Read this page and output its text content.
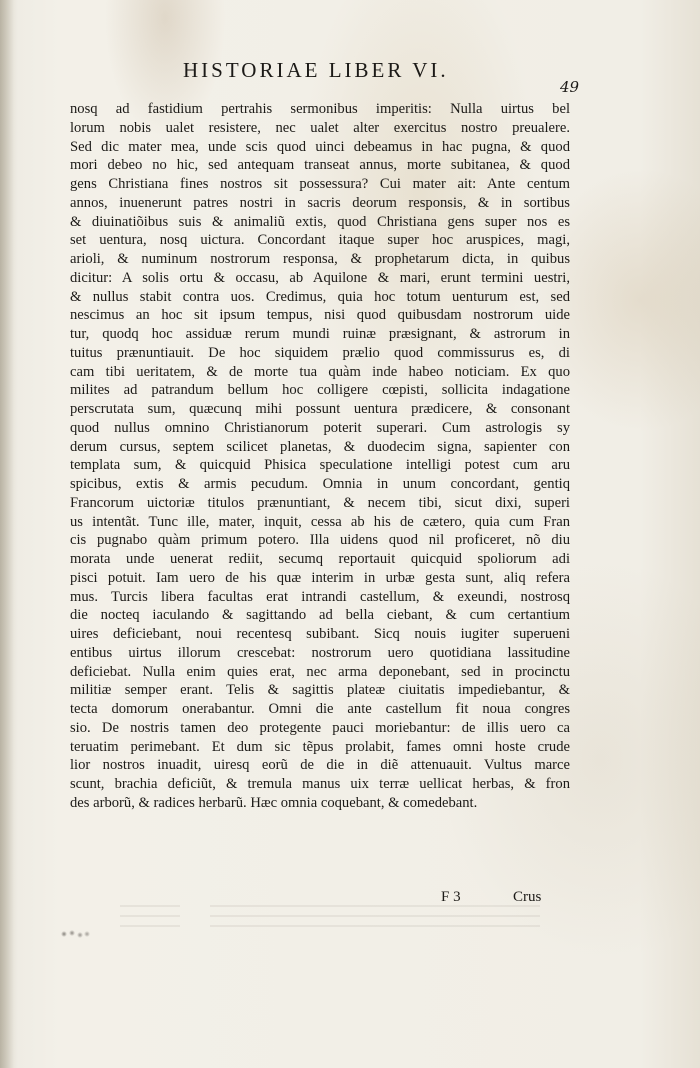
HISTORIAE LIBER VI.
49
nosq ad fastidium pertrahis sermonibus imperitis: Nulla uirtus bel
lorum nobis ualet resistere, nec ualet alter exercitus nostro preualere.
Sed dic mater mea, unde scis quod uinci debeamus in hac pugna, & quod
mori debeo no hic, sed antequam transeat annus, morte subitanea, & quod
gens Christiana fines nostros sit possessura? Cui mater ait: Ante centum
annos, inuenerunt patres nostri in sacris deorum responsis, & in sortibus
& diuinatiõibus suis & animaliũ extis, quod Christiana gens super nos es
set uentura, nosq uictura. Concordant itaque super hoc aruspices, magi,
arioli, & numinum nostrorum responsa, & prophetarum dicta, in quibus
dicitur: A solis ortu & occasu, ab Aquilone & mari, erunt termini uestri,
& nullus stabit contra uos. Credimus, quia hoc totum uenturum est, sed
nescimus an hoc sit ipsum tempus, nisi quod quibusdam nostrorum uide
tur, quodq hoc assiduæ rerum mundi ruinæ præsignant, & astrorum in
tuitus prænuntiauit. De hoc siquidem prælio quod commissurus es, di
cam tibi ueritatem, & de morte tua quàm inde habeo noticiam. Ex quo
milites ad patrandum bellum hoc colligere cœpisti, sollicita indagatione
perscrutata sum, quæcunq mihi possunt uentura prædicere, & consonant
quod nullus omnino Christianorum poterit superari. Cum astrologis sy
derum cursus, septem scilicet planetas, & duodecim signa, sapienter con
templata sum, & quicquid Phisica speculatione intelligi potest cum aru
spicibus, extis & armis pecudum. Omnia in unum concordant, gentiq
Francorum uictoriæ titulos prænuntiant, & necem tibi, sicut dixi, superi
us intentãt. Tunc ille, mater, inquit, cessa ab his de cætero, quia cum Fran
cis pugnabo quàm primum potero. Illa uidens quod nil proficeret, nõ diu
morata unde uenerat rediit, secumq reportauit quicquid spoliorum adi
pisci potuit. Iam uero de his quæ interim in urbæ gesta sunt, aliq refera
mus. Turcis libera facultas erat intrandi castellum, & exeundi, nostrosq
die nocteq iaculando & sagittando ad bella ciebant, & cum certantium
uires deficiebant, noui recentesq subibant. Sicq nouis iugiter superueni
entibus uirtus illorum crescebat: nostrorum uero quotidiana lassitudine
deficiebat. Nulla enim quies erat, nec arma deponebant, sed in procinctu
militiæ semper erant. Telis & sagittis plateæ ciuitatis impediebantur, &
tecta domorum onerabantur. Omni die ante castellum fit noua congres
sio. De nostris tamen deo protegente pauci moriebantur: de illis uero ca
teruatim perimebant. Et dum sic tẽpus prolabit, fames omni hoste crude
lior nostros inuadit, uiresq eorũ de die in diẽ attenuauit. Vultus marce
scunt, brachia deficiũt, & tremula manus uix terræ uellicat herbas, & fron
des arborũ, & radices herbarũ. Hæc omnia coquebant, & comedebant.
F 3	Crus
